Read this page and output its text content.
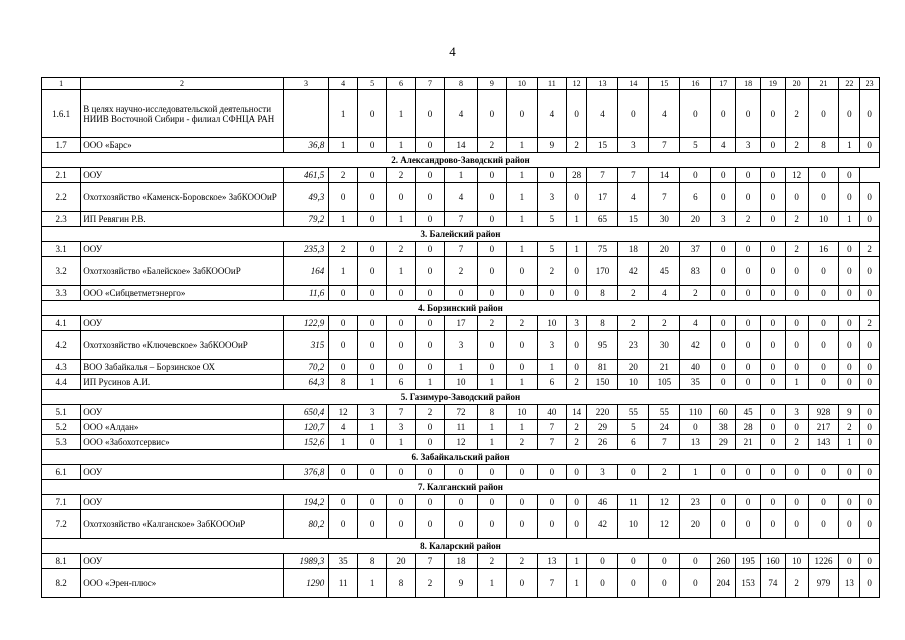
4
1	2	3	4	5	6	7	8	9	10	11	12	13	14	15	16	17	18	19	20	21	22	23
1.6.1	В целях научно-исследовательской деятельности НИИВ Восточной Сибири - филиал СФНЦА РАН		1	0	1	0	4	0	0	4	0	4	0	4	0	0	0	0	2	0	0	0
1.7	ООО «Барс»	36,8	1	0	1	0	14	2	1	9	2	15	3	7	5	4	3	0	2	8	1	0
2. Александрово-Заводский район																						
2.1	ООУ	461,5	2	0	2	0	1	0	1	0	28	7	7	14	0	0	0	0	12	0	0	
2.2	Охотхозяйство «Каменск-Боровское» ЗабКОООиР	49,3	0	0	0	0	4	0	1	3	0	17	4	7	6	0	0	0	0	0	0	0
2.3	ИП Ревягин Р.В.	79,2	1	0	1	0	7	0	1	5	1	65	15	30	20	3	2	0	2	10	1	0
3. Балейский район																						
3.1	ООУ	235,3	2	0	2	0	7	0	1	5	1	75	18	20	37	0	0	0	2	16	0	2
3.2	Охотхозяйство «Балейское» ЗабКОООиР	164	1	0	1	0	2	0	0	2	0	170	42	45	83	0	0	0	0	0	0	0
3.3	ООО «Сибцветметэнерго»	11,6	0	0	0	0	0	0	0	0	0	8	2	4	2	0	0	0	0	0	0	0
4. Борзинский район																						
4.1	ООУ	122,9	0	0	0	0	17	2	2	10	3	8	2	2	4	0	0	0	0	0	0	2
4.2	Охотхозяйство «Ключевское» ЗабКОООиР	315	0	0	0	0	3	0	0	3	0	95	23	30	42	0	0	0	0	0	0	0
4.3	ВОО Забайкалья – Борзинское ОХ	70,2	0	0	0	0	1	0	0	1	0	81	20	21	40	0	0	0	0	0	0	0
4.4	ИП Русинов А.И.	64,3	8	1	6	1	10	1	1	6	2	150	10	105	35	0	0	0	1	0	0	0
5. Газимуро-Заводский район																						
5.1	ООУ	650,4	12	3	7	2	72	8	10	40	14	220	55	55	110	60	45	0	3	928	9	0
5.2	ООО «Алдан»	120,7	4	1	3	0	11	1	1	7	2	29	5	24	0	38	28	0	0	217	2	0
5.3	ООО «Забохотсервис»	152,6	1	0	1	0	12	1	2	7	2	26	6	7	13	29	21	0	2	143	1	0
6. Забайкальский район																						
6.1	ООУ	376,8	0	0	0	0	0	0	0	0	0	3	0	2	1	0	0	0	0	0	0	0
7. Калганский район																						
7.1	ООУ	194,2	0	0	0	0	0	0	0	0	0	46	11	12	23	0	0	0	0	0	0	0
7.2	Охотхозяйство «Калганское» ЗабКОООиР	80,2	0	0	0	0	0	0	0	0	0	42	10	12	20	0	0	0	0	0	0	0
8. Каларский район																						
8.1	ООУ	1989,3	35	8	20	7	18	2	2	13	1	0	0	0	0	260	195	160	10	1226	0	0
8.2	ООО «Эрен-плюс»	1290	11	1	8	2	9	1	0	7	1	0	0	0	0	204	153	74	2	979	13	0
